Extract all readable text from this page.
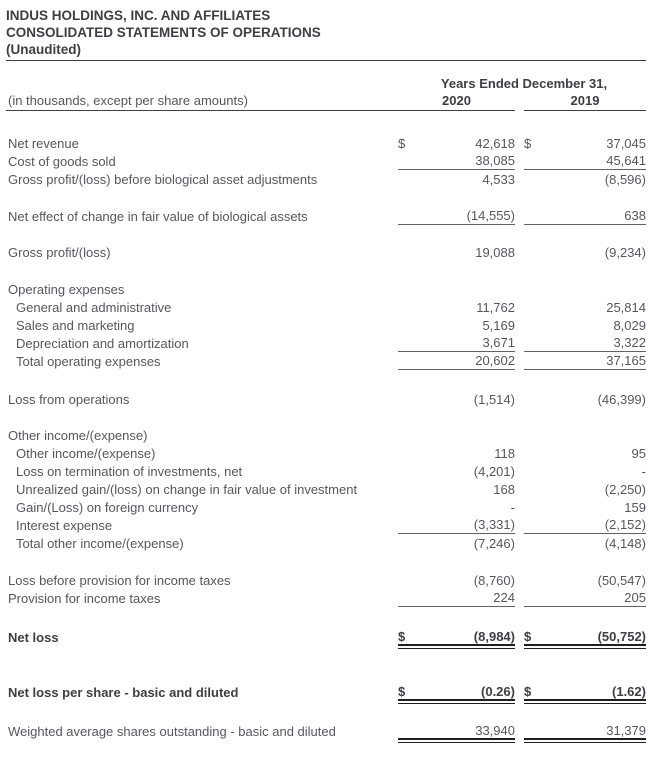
INDUS HOLDINGS, INC. AND AFFILIATES
CONSOLIDATED STATEMENTS OF OPERATIONS
(Unaudited)
Years Ended December 31,
(in thousands, except per share amounts)	2020	2019
Net revenue	$	42,618 $	37,045
Cost of goods sold	38,085	45,641
Gross profit/(loss) before biological asset adjustments	4,533	(8,596)
Net effect of change in fair value of biological assets	(14,555)	638
Gross profit/(loss)	19,088	(9,234)
Operating expenses
General and administrative	11,762	25,814
Sales and marketing	5,169	8,029
Depreciation and amortization	3,671	3,322
Total operating expenses	20,602	37,165
Loss from operations	(1,514)	(46,399)
Other income/(expense)
Other income/(expense)	118	95
Loss on termination of investments, net	(4,201)	-
Unrealized gain/(loss) on change in fair value of investment	168	(2,250)
Gain/(Loss) on foreign currency	-	159
Interest expense	(3,331)	(2,152)
Total other income/(expense)	(7,246)	(4,148)
Loss before provision for income taxes	(8,760)	(50,547)
Provision for income taxes	224	205
Net loss	$	(8,984) $	(50,752)
Net loss per share - basic and diluted	$	(0.26) $	(1.62)
Weighted average shares outstanding - basic and diluted	33,940	31,379
